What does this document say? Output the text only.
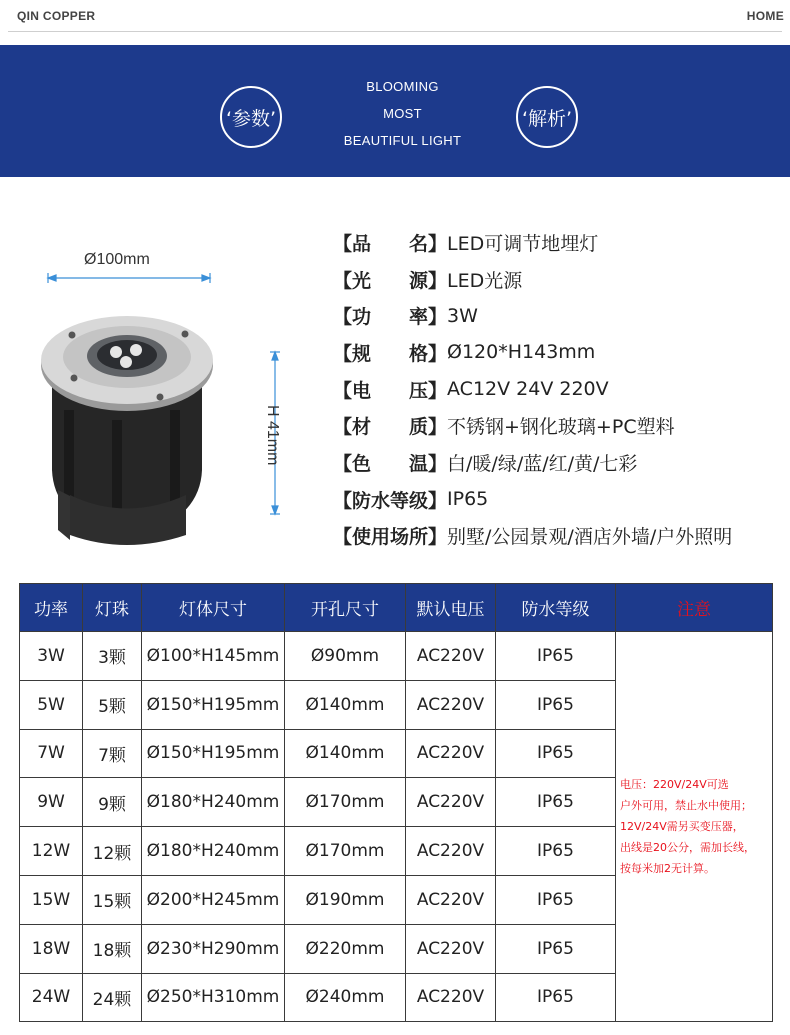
QIN COPPER	HOME
‘参数’
BLOOMING
MOST
BEAUTIFUL LIGHT
‘解析’
Ø100mm
H 41mm
【品　　名】 LED可调节地埋灯
【光　　源】 LED光源
【功　　率】 3W
【规　　格】 Ø120*H143mm
【电　　压】 AC12V 24V 220V
【材　　质】 不锈钢+钢化玻璃+PC塑料
【色　　温】 白/暖/绿/蓝/红/黄/七彩
【防水等级】 IP65
【使用场所】 别墅/公园景观/酒店外墙/户外照明
功率	灯珠	灯体尺寸	开孔尺寸	默认电压	防水等级	注意
3W	3颗	Ø100*H145mm	Ø90mm	AC220V	IP65	电压：220V/24V可选
户外可用，禁止水中使用；
12V/24V需另买变压器，
出线是20公分，需加长线，
按每米加2无计算。

5W	5颗	Ø150*H195mm	Ø140mm	AC220V	IP65	
7W	7颗	Ø150*H195mm	Ø140mm	AC220V	IP65	
9W	9颗	Ø180*H240mm	Ø170mm	AC220V	IP65	
12W	12颗	Ø180*H240mm	Ø170mm	AC220V	IP65	
15W	15颗	Ø200*H245mm	Ø190mm	AC220V	IP65	
18W	18颗	Ø230*H290mm	Ø220mm	AC220V	IP65	
24W	24颗	Ø250*H310mm	Ø240mm	AC220V	IP65	
